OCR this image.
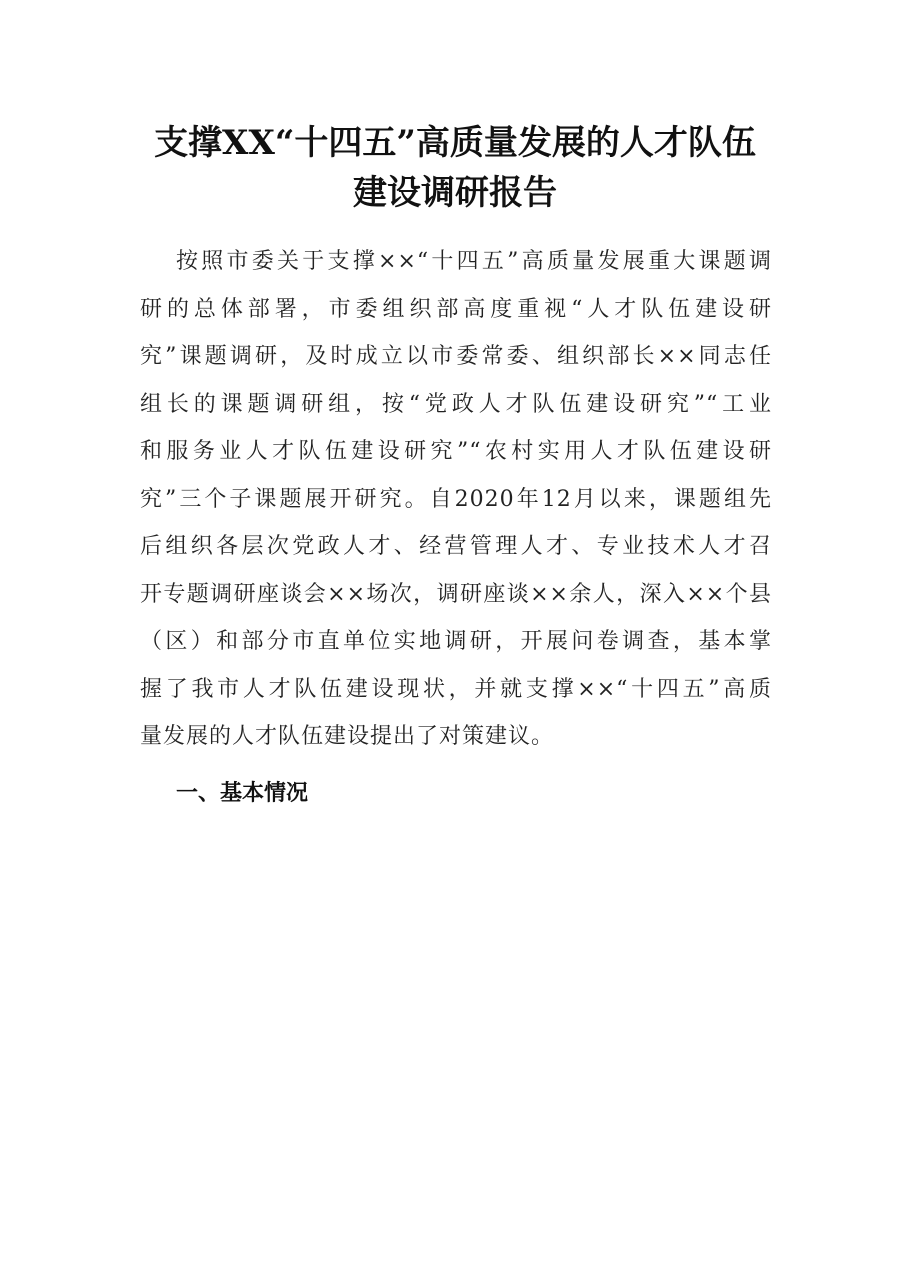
支撑XX“十四五”高质量发展的人才队伍
建设调研报告

按照市委关于支撑××“十四五”高质量发展重大课题调
研的总体部署，市委组织部高度重视“人才队伍建设研
究”课题调研，及时成立以市委常委、组织部长××同志任
组长的课题调研组，按“党政人才队伍建设研究”“工业
和服务业人才队伍建设研究”“农村实用人才队伍建设研
究”三个子课题展开研究。自2020年12月以来，课题组先
后组织各层次党政人才、经营管理人才、专业技术人才召
开专题调研座谈会××场次，调研座谈××余人，深入××个县
（区）和部分市直单位实地调研，开展问卷调查，基本掌
握了我市人才队伍建设现状，并就支撑××“十四五”高质
量发展的人才队伍建设提出了对策建议。

一、基本情况
